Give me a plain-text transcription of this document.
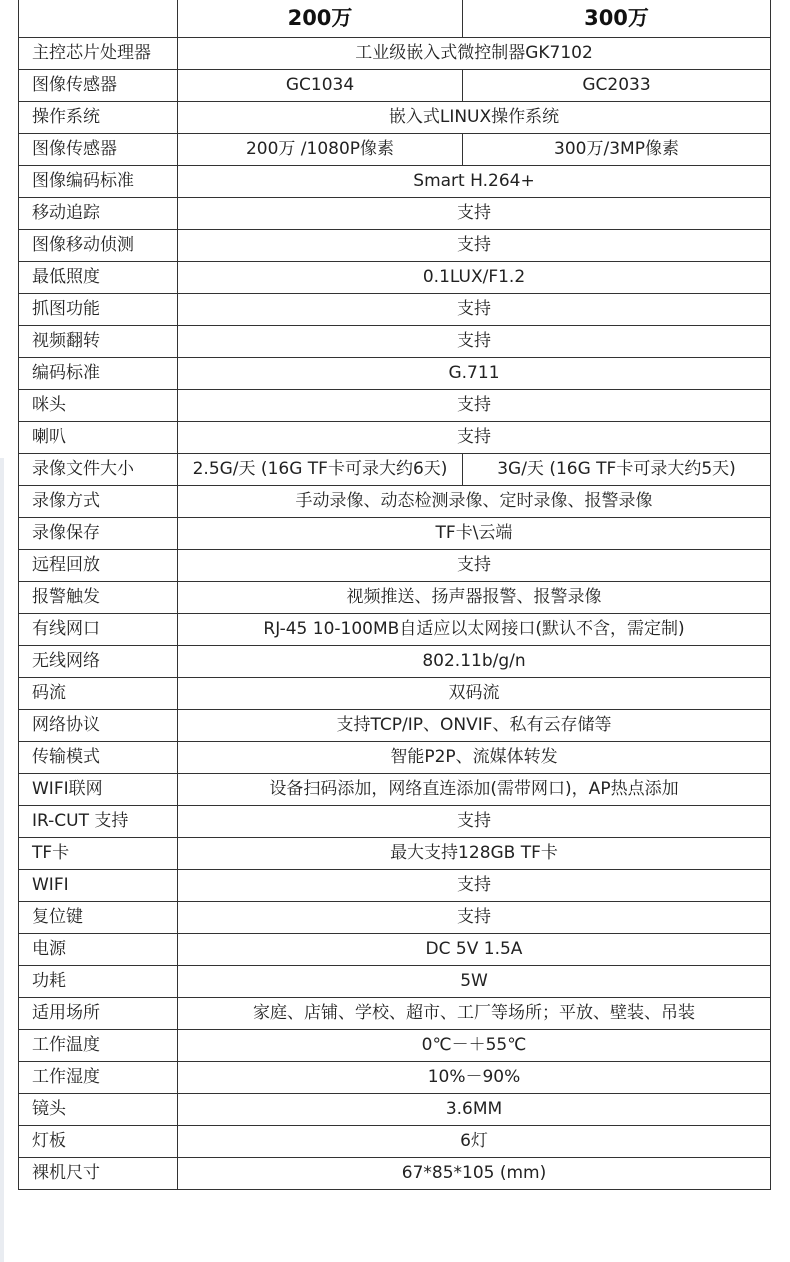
	200万	300万
主控芯片处理器	工业级嵌入式微控制器GK7102	
图像传感器	GC1034	GC2033
操作系统	嵌入式LINUX操作系统	
图像传感器	200万 /1080P像素	300万/3MP像素
图像编码标准	Smart H.264+	
移动追踪	支持	
图像移动侦测	支持	
最低照度	0.1LUX/F1.2	
抓图功能	支持	
视频翻转	支持	
编码标准	G.711	
咪头	支持	
喇叭	支持	
录像文件大小	2.5G/天 (16G TF卡可录大约6天)	3G/天 (16G TF卡可录大约5天)
录像方式	手动录像、动态检测录像、定时录像、报警录像	
录像保存	TF卡\云端	
远程回放	支持	
报警触发	视频推送、扬声器报警、报警录像	
有线网口	RJ-45 10-100MB自适应以太网接口(默认不含，需定制)	
无线网络	802.11b/g/n	
码流	双码流	
网络协议	支持TCP/IP、ONVIF、私有云存储等	
传输模式	智能P2P、流媒体转发	
WIFI联网	设备扫码添加，网络直连添加(需带网口)，AP热点添加	
IR-CUT 支持	支持	
TF卡	最大支持128GB TF卡	
WIFI	支持	
复位键	支持	
电源	DC 5V 1.5A	
功耗	5W	
适用场所	家庭、店铺、学校、超市、工厂等场所；平放、壁装、吊装	
工作温度	0℃－＋55℃	
工作湿度	10%－90%	
镜头	3.6MM	
灯板	6灯	
裸机尺寸	67*85*105 (mm)	
